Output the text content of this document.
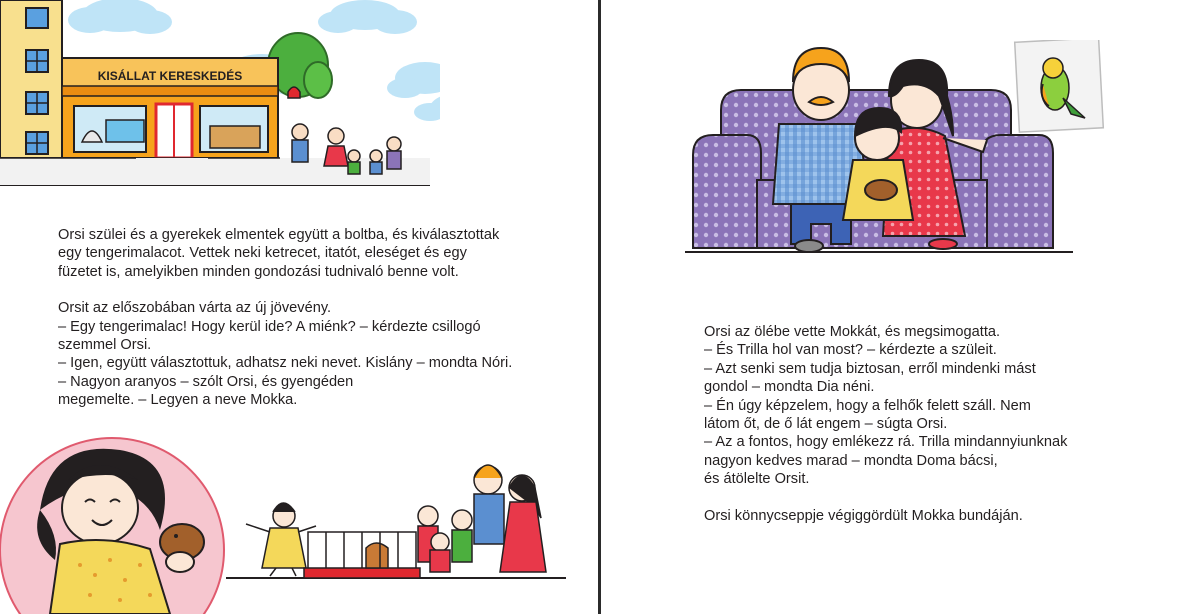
KISÁLLAT KERESKEDÉS

Orsi szülei és a gyerekek elmentek együtt a boltba, és kiválasztottak
egy tengerimalacot. Vettek neki ketrecet, itatót, eleséget és egy
füzetet is, amelyikben minden gondozási tudnivaló benne volt.

Orsit az előszobában várta az új jövevény.
– Egy tengerimalac! Hogy kerül ide? A miénk? – kérdezte csillogó
szemmel Orsi.
– Igen, együtt választottuk, adhatsz neki nevet. Kislány – mondta Nóri.
– Nagyon aranyos – szólt Orsi, és gyengéden
megemelte. – Legyen a neve Mokka.

Orsi az ölébe vette Mokkát, és megsimogatta.
– És Trilla hol van most? – kérdezte a szüleit.
– Azt senki sem tudja biztosan, erről mindenki mást
gondol – mondta Dia néni.
– Én úgy képzelem, hogy a felhők felett száll. Nem
látom őt, de ő lát engem – súgta Orsi.
– Az a fontos, hogy emlékezz rá. Trilla mindannyiunknak
nagyon kedves marad – mondta Doma bácsi,
és átölelte Orsit.

Orsi könnycseppje végiggördült Mokka bundáján.
